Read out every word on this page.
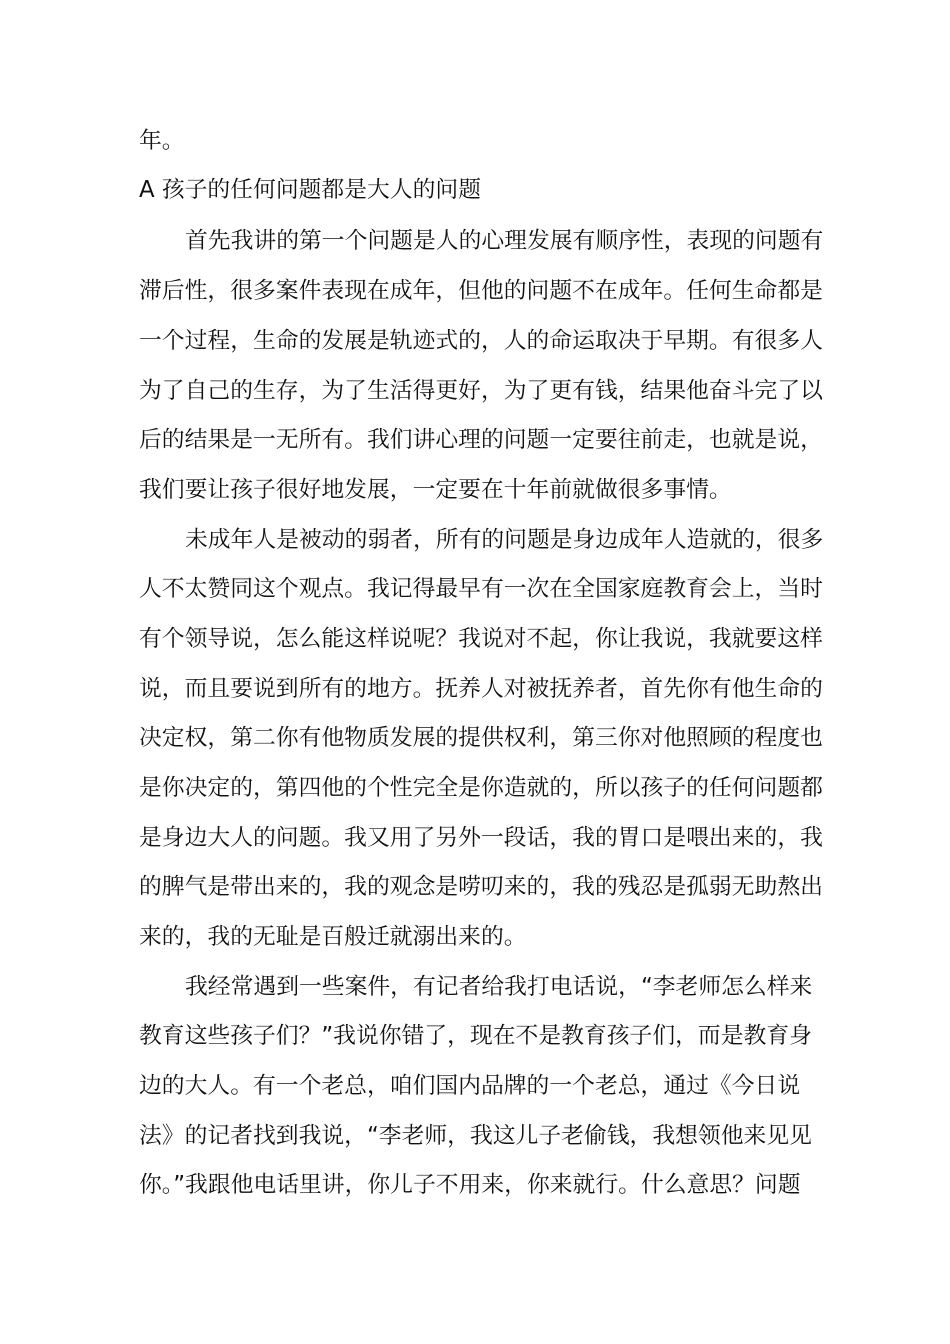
年。
A 孩子的任何问题都是大人的问题
首先我讲的第一个问题是人的心理发展有顺序性，表现的问题有
滞后性，很多案件表现在成年，但他的问题不在成年。任何生命都是
一个过程，生命的发展是轨迹式的，人的命运取决于早期。有很多人
为了自己的生存，为了生活得更好，为了更有钱，结果他奋斗完了以
后的结果是一无所有。我们讲心理的问题一定要往前走，也就是说，
我们要让孩子很好地发展，一定要在十年前就做很多事情。
未成年人是被动的弱者，所有的问题是身边成年人造就的，很多
人不太赞同这个观点。我记得最早有一次在全国家庭教育会上，当时
有个领导说，怎么能这样说呢？我说对不起，你让我说，我就要这样
说，而且要说到所有的地方。抚养人对被抚养者，首先你有他生命的
决定权，第二你有他物质发展的提供权利，第三你对他照顾的程度也
是你决定的，第四他的个性完全是你造就的，所以孩子的任何问题都
是身边大人的问题。我又用了另外一段话，我的胃口是喂出来的，我
的脾气是带出来的，我的观念是唠叨来的，我的残忍是孤弱无助熬出
来的，我的无耻是百般迁就溺出来的。
我经常遇到一些案件，有记者给我打电话说，“李老师怎么样来
教育这些孩子们？”我说你错了，现在不是教育孩子们，而是教育身
边的大人。有一个老总，咱们国内品牌的一个老总，通过《今日说
法》的记者找到我说，“李老师，我这儿子老偷钱，我想领他来见见
你。”我跟他电话里讲，你儿子不用来，你来就行。什么意思？问题
